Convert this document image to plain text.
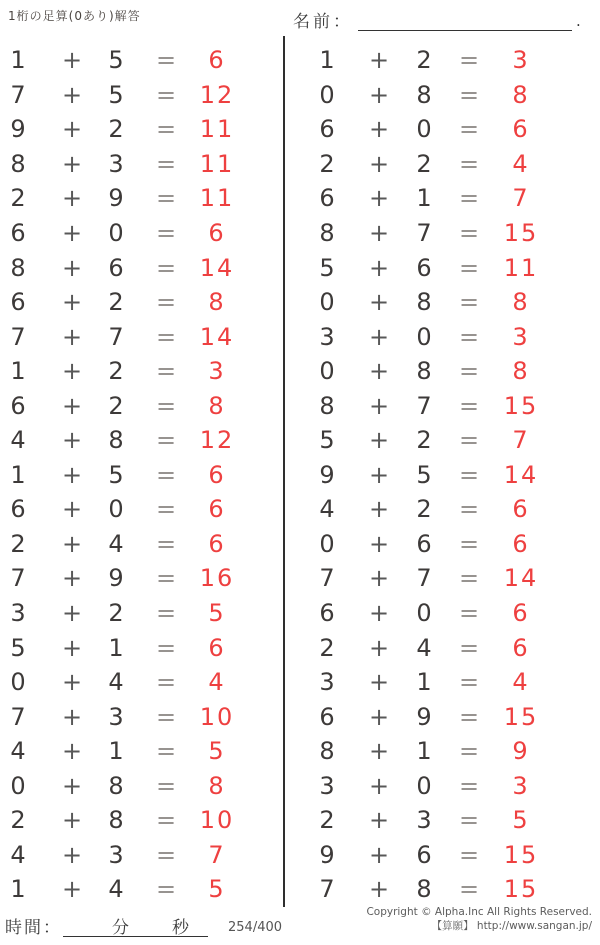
1桁の足算(0あり)解答	名前：	.
1 + 5 = 6
7 + 5 = 12
9 + 2 = 11
8 + 3 = 11
2 + 9 = 11
6 + 0 = 6
8 + 6 = 14
6 + 2 = 8
7 + 7 = 14
1 + 2 = 3
6 + 2 = 8
4 + 8 = 12
1 + 5 = 6
6 + 0 = 6
2 + 4 = 6
7 + 9 = 16
3 + 2 = 5
5 + 1 = 6
0 + 4 = 4
7 + 3 = 10
4 + 1 = 5
0 + 8 = 8
2 + 8 = 10
4 + 3 = 7
1 + 4 = 5
1 + 2 = 3
0 + 8 = 8
6 + 0 = 6
2 + 2 = 4
6 + 1 = 7
8 + 7 = 15
5 + 6 = 11
0 + 8 = 8
3 + 0 = 3
0 + 8 = 8
8 + 7 = 15
5 + 2 = 7
9 + 5 = 14
4 + 2 = 6
0 + 6 = 6
7 + 7 = 14
6 + 0 = 6
2 + 4 = 6
3 + 1 = 4
6 + 9 = 15
8 + 1 = 9
3 + 0 = 3
2 + 3 = 5
9 + 6 = 15
7 + 8 = 15
時間：	分	秒	254/400
Copyright © Alpha.Inc All Rights Reserved.
【算願】 http://www.sangan.jp/
